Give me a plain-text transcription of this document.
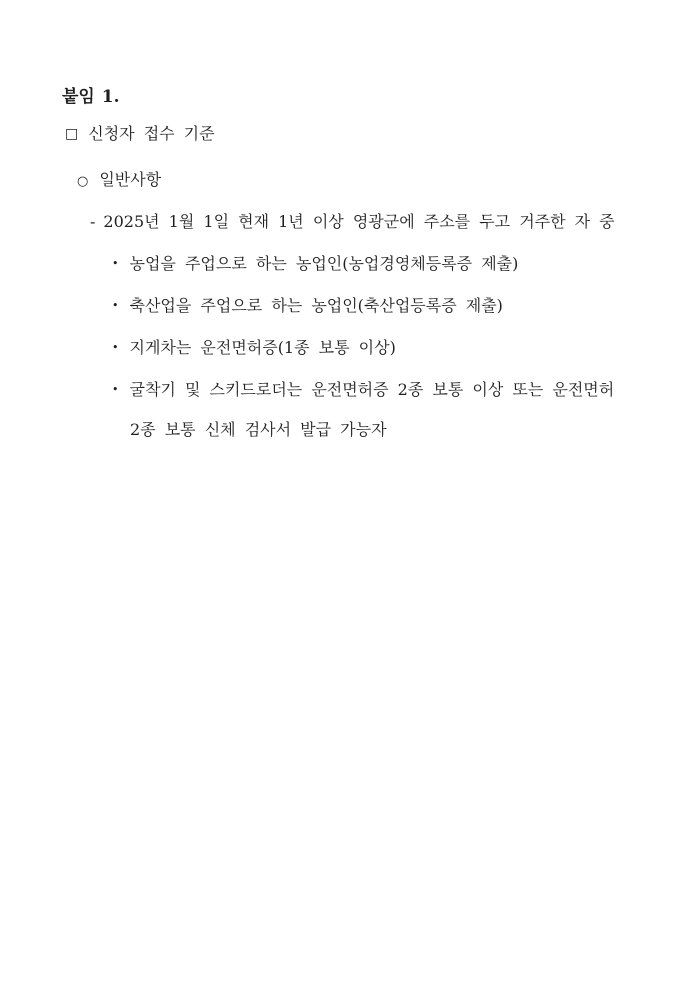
붙임 1.
□ 신청자 접수 기준
○ 일반사항
- 2025년 1월 1일 현재 1년 이상 영광군에 주소를 두고 거주한 자 중
• 농업을 주업으로 하는 농업인(농업경영체등록증 제출)
• 축산업을 주업으로 하는 농업인(축산업등록증 제출)
• 지게차는 운전면허증(1종 보통 이상)
• 굴착기 및 스키드로더는 운전면허증 2종 보통 이상 또는 운전면허
2종 보통 신체 검사서 발급 가능자
